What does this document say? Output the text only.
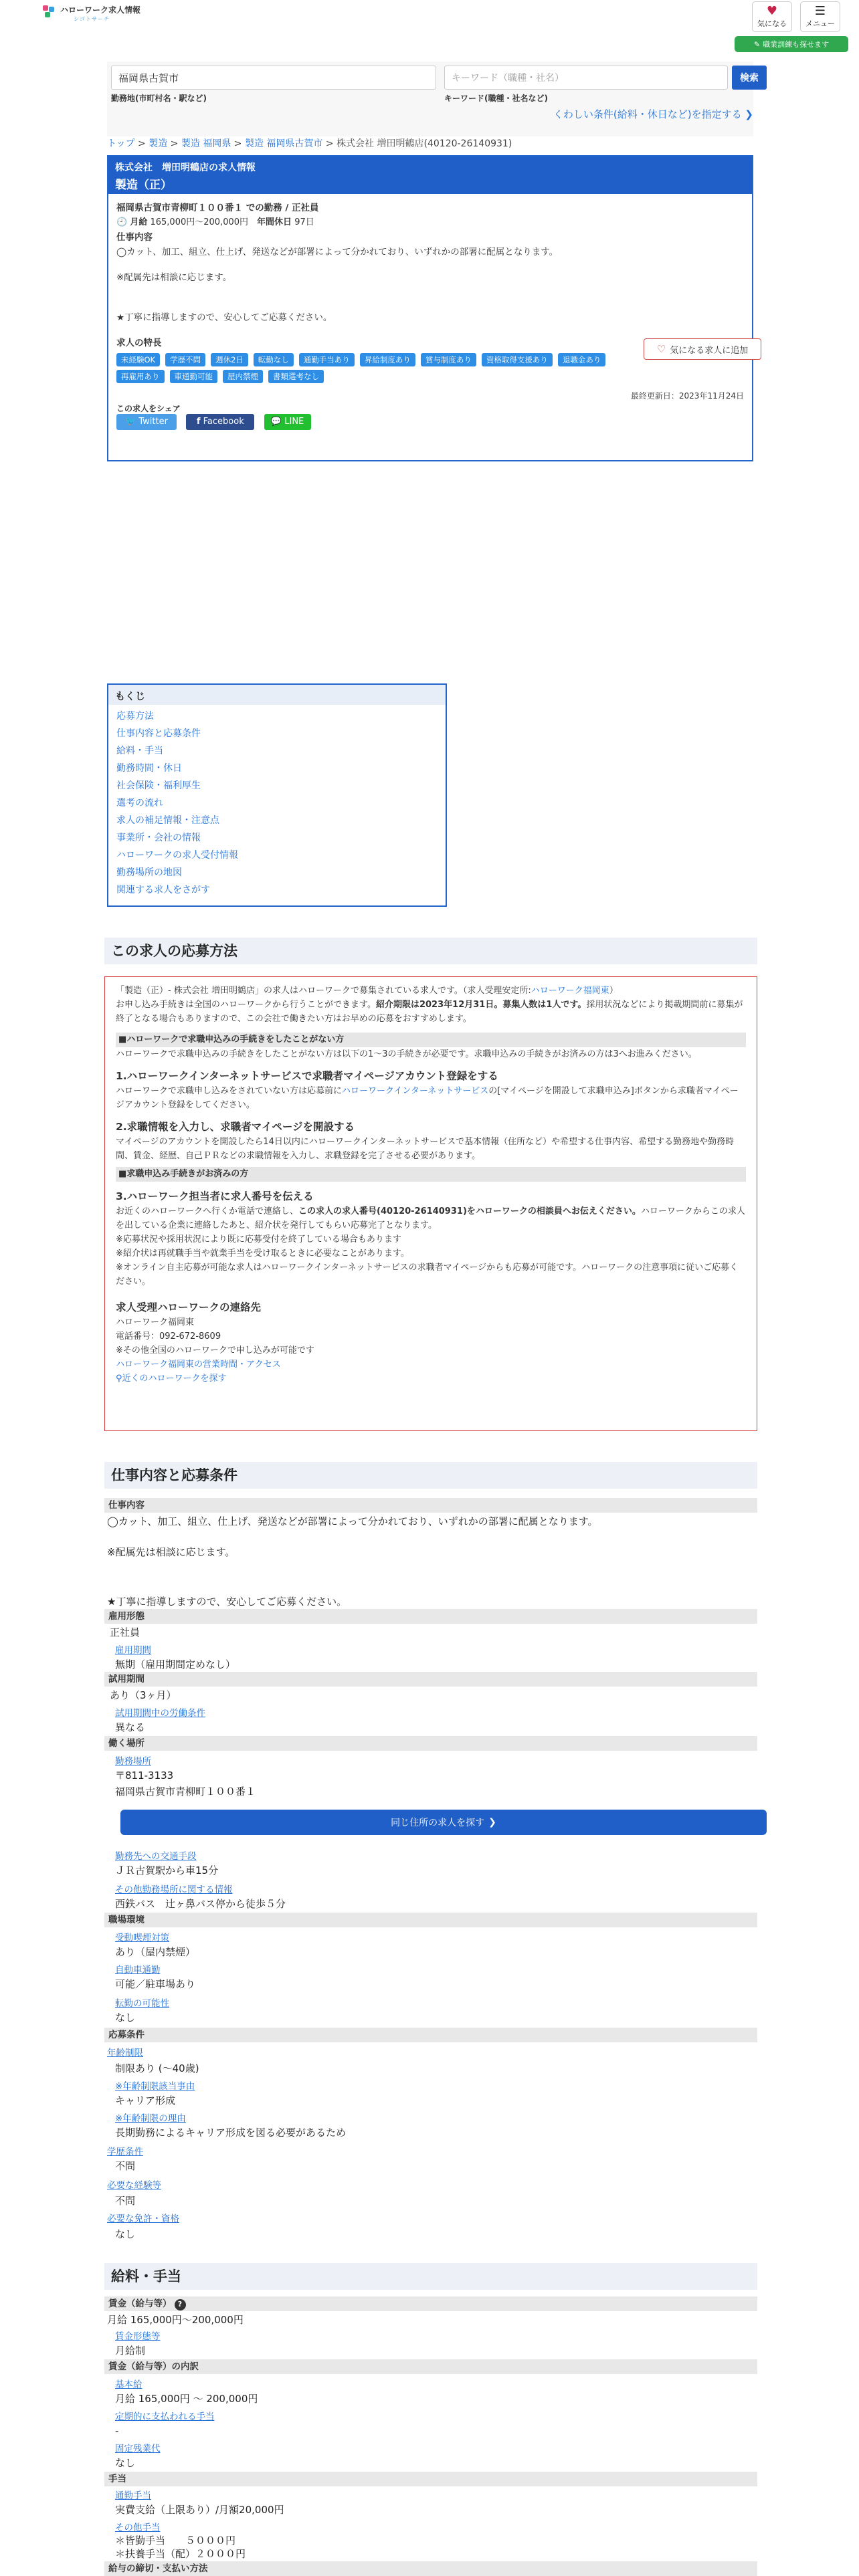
ハローワーク求人情報
シゴトサーチ
♥
気になる
☰
メニュー
✎ 職業訓練も探せます
福岡県古賀市	キーワード（職種・社名）	検索
勤務地(市町村名・駅など)	キーワード(職種・社名など)
くわしい条件(給料・休日など)を指定する ❯
トップ > 製造 > 製造 福岡県 > 製造 福岡県古賀市 > 株式会社 増田明鶴店(40120-26140931)
株式会社　増田明鶴店の求人情報
製造（正）
福岡県古賀市青柳町１００番１ での勤務 / 正社員
🕘 月給 165,000円〜200,000円　 年間休日 97日
仕事内容
◯カット、加工、組立、仕上げ、発送などが部署によって分かれており、いずれかの部署に配属となります。
※配属先は相談に応じます。
★丁寧に指導しますので、安心してご応募ください。
求人の特長
未経験OK	学歴不問	週休2日	転勤なし	通勤手当あり	昇給制度あり	賞与制度あり	資格取得支援あり	退職金あり
再雇用あり	車通勤可能	屋内禁煙	書類選考なし
最終更新日：2023年11月24日
この求人をシェア
🐦
Twitter
	f
Facebook
	💬
LINE
♡ 気になる求人に追加
もくじ
応募方法
仕事内容と応募条件
給料・手当
勤務時間・休日
社会保険・福利厚生
選考の流れ
求人の補足情報・注意点
事業所・会社の情報
ハローワークの求人受付情報
勤務場所の地図
関連する求人をさがす
この求人の応募方法
「製造（正）- 株式会社 増田明鶴店」の求人はハローワークで募集されている求人です。（求人受理安定所:ハローワーク福岡東）
お申し込み手続きは全国のハローワークから行うことができます。紹介期限は2023年12月31日。募集人数は1人です。採用状況などにより掲載期間前に募集が終了となる場合もありますので、この会社で働きたい方はお早めの応募をおすすめします。
■ハローワークで求職申込みの手続きをしたことがない方
ハローワークで求職申込みの手続きをしたことがない方は以下の1〜3の手続きが必要です。求職申込みの手続きがお済みの方は3へお進みください。
1.ハローワークインターネットサービスで求職者マイページアカウント登録をする
ハローワークで求職申し込みをされていない方は応募前にハローワークインターネットサービスの[マイページを開設して求職申込み]ボタンから求職者マイページアカウント登録をしてください。
2.求職情報を入力し、求職者マイページを開設する
マイページのアカウントを開設したら14日以内にハローワークインターネットサービスで基本情報（住所など）や希望する仕事内容、希望する勤務地や勤務時間、賃金、経歴、自己ＰＲなどの求職情報を入力し、求職登録を完了させる必要があります。
■求職申込み手続きがお済みの方
3.ハローワーク担当者に求人番号を伝える
お近くのハローワークへ行くか電話で連絡し、この求人の求人番号(40120-26140931)をハローワークの相談員へお伝えください。ハローワークからこの求人を出している企業に連絡したあと、紹介状を発行してもらい応募完了となります。
※応募状況や採用状況により既に応募受付を終了している場合もあります
※紹介状は再就職手当や就業手当を受け取るときに必要なことがあります。
※オンライン自主応募が可能な求人はハローワークインターネットサービスの求職者マイページからも応募が可能です。ハローワークの注意事項に従いご応募ください。
求人受理ハローワークの連絡先
ハローワーク福岡東
電話番号：092-672-8609
※その他全国のハローワークで申し込みが可能です
ハローワーク福岡東の営業時間・アクセス
⚲近くのハローワークを探す
仕事内容と応募条件
仕事内容
◯カット、加工、組立、仕上げ、発送などが部署によって分かれており、いずれかの部署に配属となります。
※配属先は相談に応じます。
★丁寧に指導しますので、安心してご応募ください。
雇用形態
正社員
雇用期間
無期（雇用期間定めなし）
試用期間
あり（3ヶ月）
試用期間中の労働条件
異なる
働く場所
勤務場所
〒811-3133
福岡県古賀市青柳町１００番１
同じ住所の求人を探す ❯
勤務先への交通手段
ＪＲ古賀駅から車15分
その他勤務場所に関する情報
西鉄バス　辻ヶ鼻バス停から徒歩５分
職場環境
受動喫煙対策
あり（屋内禁煙）
自動車通勤
可能／駐車場あり
転勤の可能性
なし
応募条件
年齢制限
制限あり (〜40歳)
※年齢制限該当事由
キャリア形成
※年齢制限の理由
長期勤務によるキャリア形成を図る必要があるため
学歴条件
不問
必要な経験等
不問
必要な免許・資格
なし
給料・手当
賃金（給与等） ?
月給 165,000円〜200,000円
賃金形態等
月給制
賃金（給与等）の内訳
基本給
月給 165,000円 〜 200,000円
定期的に支払われる手当
-
固定残業代
なし
手当
通勤手当
実費支給（上限あり）/月額20,000円
その他手当
＊皆勤手当　　５０００円
＊扶養手当（配）２０００円
給与の締切・支払い方法
